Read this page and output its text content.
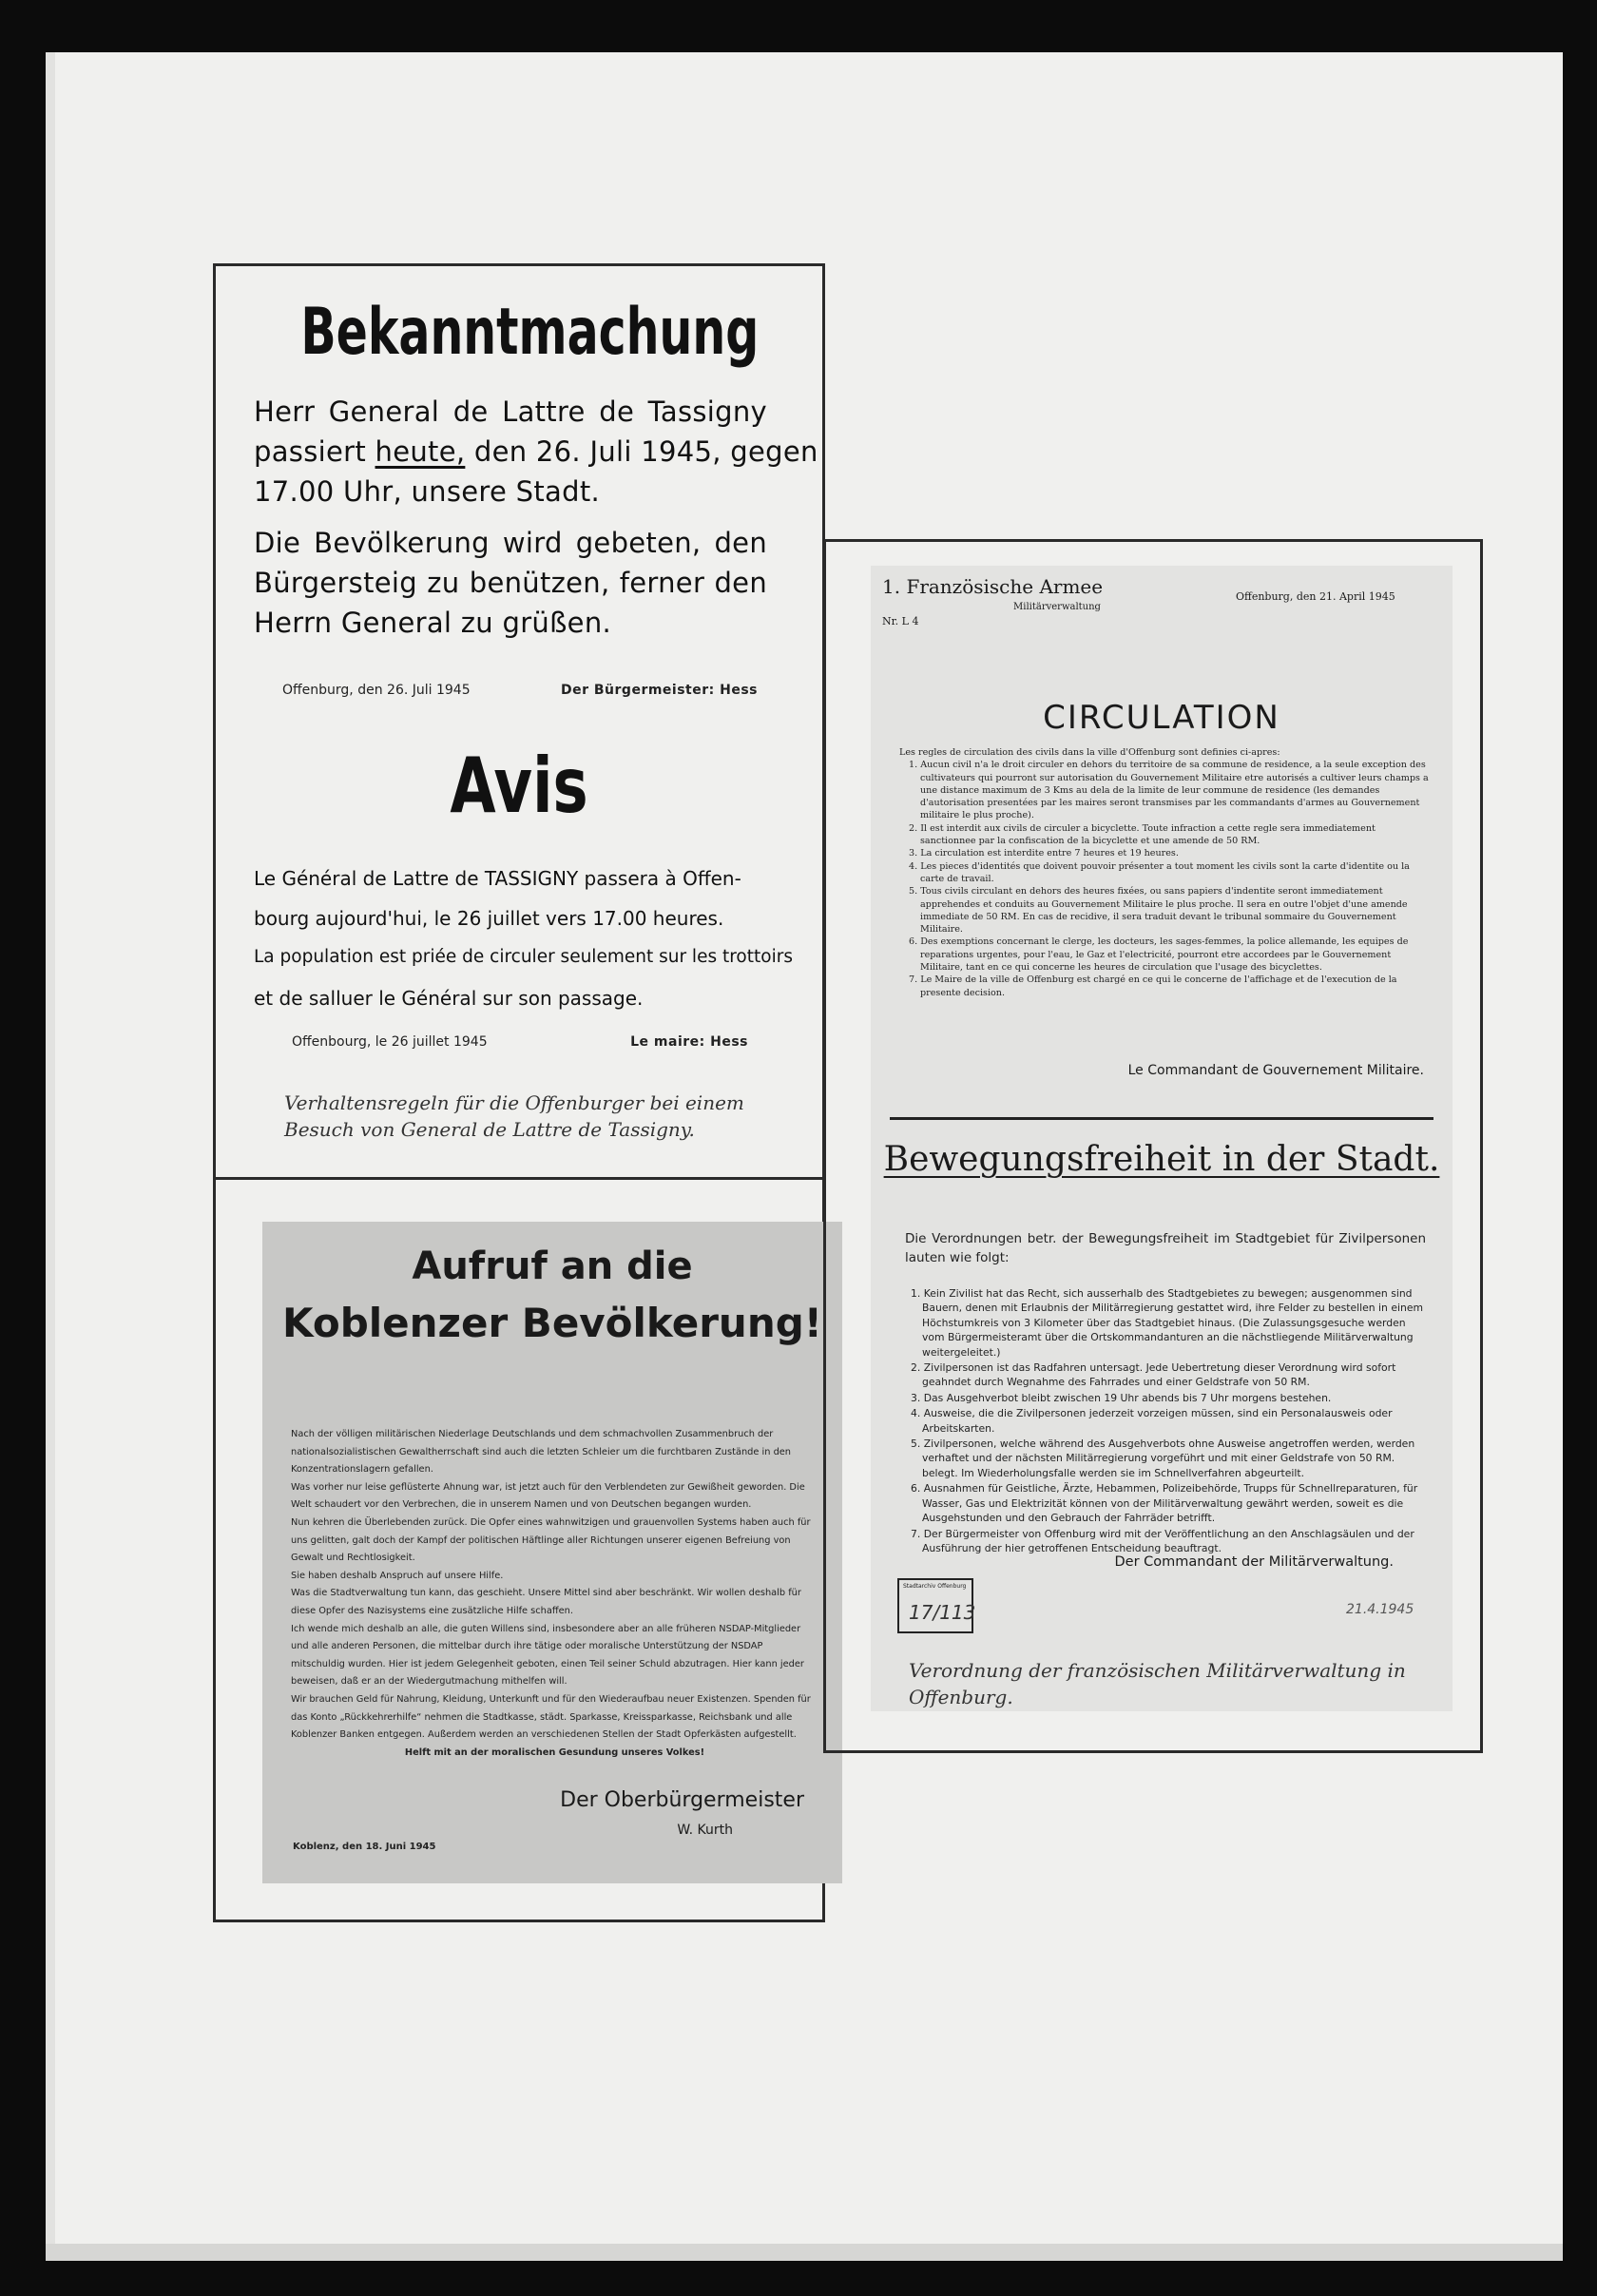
Bekanntmachung
Herr General de Lattre de Tassigny
passiert heute, den 26. Juli 1945, gegen
17.00 Uhr, unsere Stadt.
Die Bevölkerung wird gebeten, den
Bürgersteig zu benützen, ferner den
Herrn General zu grüßen.
Offenburg, den 26. Juli 1945	Der Bürgermeister: Hess
Avis
Le Général de Lattre de TASSIGNY passera à Offen-
bourg aujourd'hui, le 26 juillet vers 17.00 heures.
La population est priée de circuler seulement sur les trottoirs
et de salluer le Général sur son passage.
Offenbourg, le 26 juillet 1945	Le maire: Hess
Verhaltensregeln für die Offenburger bei einem
Besuch von General de Lattre de Tassigny.
Aufruf an die
Koblenzer Bevölkerung!

Nach der völligen militärischen Niederlage Deutschlands und dem schmachvollen Zusammenbruch der nationalsozialistischen Gewaltherrschaft sind auch die letzten Schleier um die furchtbaren Zustände in den Konzentrationslagern gefallen.

Was vorher nur leise geflüsterte Ahnung war, ist jetzt auch für den Verblendeten zur Gewißheit geworden. Die Welt schaudert vor den Verbrechen, die in unserem Namen und von Deutschen begangen wurden.

Nun kehren die Überlebenden zurück. Die Opfer eines wahnwitzigen und grauenvollen Systems haben auch für uns gelitten, galt doch der Kampf der politischen Häftlinge aller Richtungen unserer eigenen Befreiung von Gewalt und Rechtlosigkeit.

Sie haben deshalb Anspruch auf unsere Hilfe.

Was die Stadtverwaltung tun kann, das geschieht. Unsere Mittel sind aber beschränkt. Wir wollen deshalb für diese Opfer des Nazisystems eine zusätzliche Hilfe schaffen.

Ich wende mich deshalb an alle, die guten Willens sind, insbesondere aber an alle früheren NSDAP-Mitglieder und alle anderen Personen, die mittelbar durch ihre tätige oder moralische Unterstützung der NSDAP mitschuldig wurden. Hier ist jedem Gelegenheit geboten, einen Teil seiner Schuld abzutragen. Hier kann jeder beweisen, daß er an der Wiedergutmachung mithelfen will.

Wir brauchen Geld für Nahrung, Kleidung, Unterkunft und für den Wiederaufbau neuer Existenzen. Spenden für das Konto „Rückkehrerhilfe“ nehmen die Stadtkasse, städt. Sparkasse, Kreissparkasse, Reichsbank und alle Koblenzer Banken entgegen. Außerdem werden an verschiedenen Stellen der Stadt Opferkästen aufgestellt.

Helft mit an der moralischen Gesundung unseres Volkes!

Der Oberbürgermeister
W. Kurth
Koblenz, den 18. Juni 1945
1. Französische Armee
Militärverwaltung
Nr. L 4
Offenburg, den 21. April 1945
CIRCULATION

Les regles de circulation des civils dans la ville d'Offenburg sont definies ci-apres:

1. Aucun civil n'a le droit circuler en dehors du territoire de sa commune de residence, a la seule exception des cultivateurs qui pourront sur autorisation du Gouvernement Militaire etre autorisés a cultiver leurs champs a une distance maximum de 3 Kms au dela de la limite de leur commune de residence (les demandes d'autorisation presentées par les maires seront transmises par les commandants d'armes au Gouvernement militaire le plus proche).

2. Il est interdit aux civils de circuler a bicyclette. Toute infraction a cette regle sera immediatement sanctionnee par la confiscation de la bicyclette et une amende de 50 RM.

3. La circulation est interdite entre 7 heures et 19 heures.

4. Les pieces d'identités que doivent pouvoir présenter a tout moment les civils sont la carte d'identite ou la carte de travail.

5. Tous civils circulant en dehors des heures fixées, ou sans papiers d'indentite seront immediatement apprehendes et conduits au Gouvernement Militaire le plus proche. Il sera en outre l'objet d'une amende immediate de 50 RM. En cas de recidive, il sera traduit devant le tribunal sommaire du Gouvernement Militaire.

6. Des exemptions concernant le clerge, les docteurs, les sages-femmes, la police allemande, les equipes de reparations urgentes, pour l'eau, le Gaz et l'electricité, pourront etre accordees par le Gouvernement Militaire, tant en ce qui concerne les heures de circulation que l'usage des bicyclettes.

7. Le Maire de la ville de Offenburg est chargé en ce qui le concerne de l'affichage et de l'execution de la presente decision.

Le Commandant de Gouvernement Militaire.
Bewegungsfreiheit in der Stadt.
Die Verordnungen betr. der Bewegungsfreiheit im Stadtgebiet für Zivilpersonen lauten wie folgt:

1. Kein Zivilist hat das Recht, sich ausserhalb des Stadtgebietes zu bewegen; ausgenommen sind Bauern, denen mit Erlaubnis der Militärregierung gestattet wird, ihre Felder zu bestellen in einem Höchstumkreis von 3 Kilometer über das Stadtgebiet hinaus. (Die Zulassungsgesuche werden vom Bürgermeisteramt über die Ortskommandanturen an die nächstliegende Militärverwaltung weitergeleitet.)

2. Zivilpersonen ist das Radfahren untersagt. Jede Uebertretung dieser Verordnung wird sofort geahndet durch Wegnahme des Fahrrades und einer Geldstrafe von 50 RM.

3. Das Ausgehverbot bleibt zwischen 19 Uhr abends bis 7 Uhr morgens bestehen.

4. Ausweise, die die Zivilpersonen jederzeit vorzeigen müssen, sind ein Personalausweis oder Arbeitskarten.

5. Zivilpersonen, welche während des Ausgehverbots ohne Ausweise angetroffen werden, werden verhaftet und der nächsten Militärregierung vorgeführt und mit einer Geldstrafe von 50 RM. belegt. Im Wiederholungsfalle werden sie im Schnellverfahren abgeurteilt.

6. Ausnahmen für Geistliche, Ärzte, Hebammen, Polizeibehörde, Trupps für Schnellreparaturen, für Wasser, Gas und Elektrizität können von der Militärverwaltung gewährt werden, soweit es die Ausgehstunden und den Gebrauch der Fahrräder betrifft.

7. Der Bürgermeister von Offenburg wird mit der Veröffentlichung an den Anschlagsäulen und der Ausführung der hier getroffenen Entscheidung beauftragt.

Der Commandant der Militärverwaltung.
Stadtarchiv Offenburg
17/113	21.4.1945
Verordnung der französischen Militärverwaltung in
Offenburg.
